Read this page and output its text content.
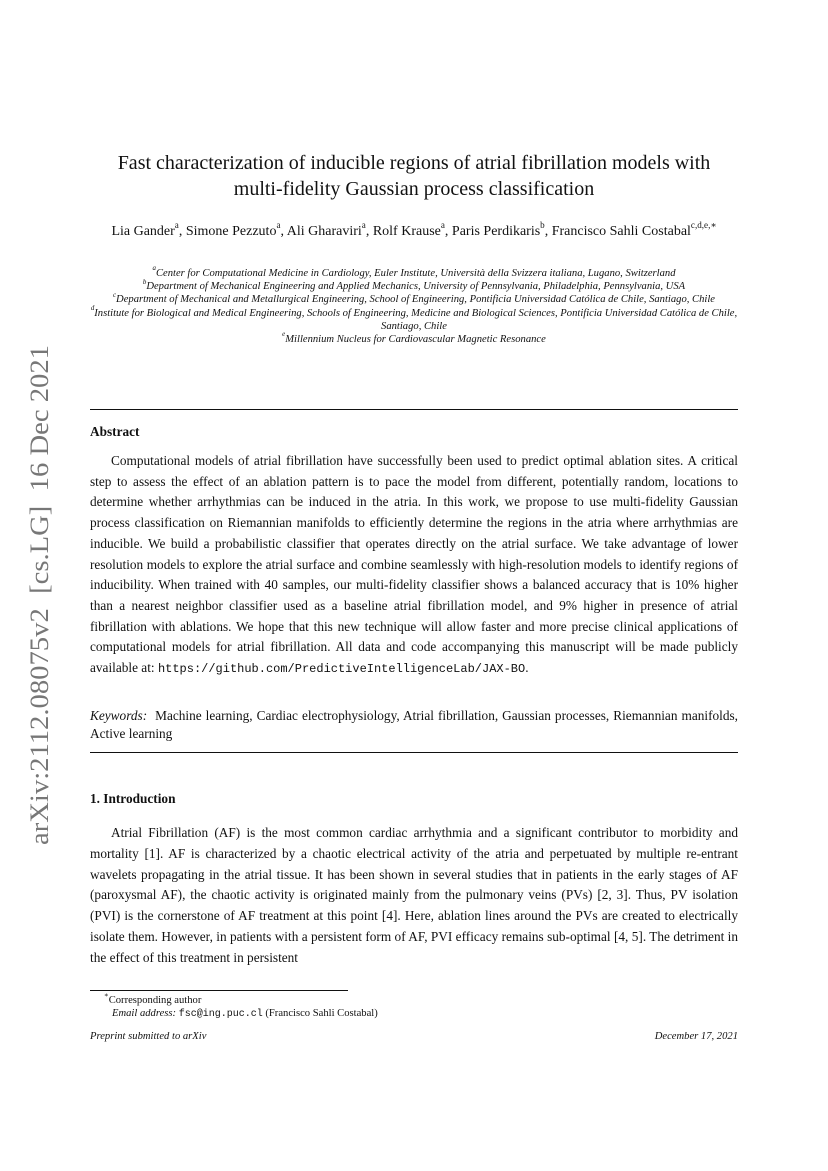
arXiv:2112.08075v2  [cs.LG]  16 Dec 2021
Fast characterization of inducible regions of atrial fibrillation models with
multi-fidelity Gaussian process classification
Lia Gander$^a$, Simone Pezzuto$^a$, Ali Gharaviri$^a$, Rolf Krause$^a$, Paris Perdikaris$^b$, Francisco Sahli Costabal$^{c,d,e,∗}$
$^a$Center for Computational Medicine in Cardiology, Euler Institute, Università della Svizzera italiana, Lugano, Switzerland
$^b$Department of Mechanical Engineering and Applied Mechanics, University of Pennsylvania, Philadelphia, Pennsylvania, USA
$^c$Department of Mechanical and Metallurgical Engineering, School of Engineering, Pontificia Universidad Católica de Chile, Santiago, Chile
$^d$Institute for Biological and Medical Engineering, Schools of Engineering, Medicine and Biological Sciences, Pontificia Universidad Católica de Chile, Santiago, Chile
$^e$Millennium Nucleus for Cardiovascular Magnetic Resonance
Abstract
Computational models of atrial fibrillation have successfully been used to predict optimal ablation sites. A critical step to assess the effect of an ablation pattern is to pace the model from different, potentially random, locations to determine whether arrhythmias can be induced in the atria. In this work, we propose to use multi-fidelity Gaussian process classification on Riemannian manifolds to efficiently determine the regions in the atria where arrhythmias are inducible. We build a probabilistic classifier that operates directly on the atrial surface. We take advantage of lower resolution models to explore the atrial surface and combine seamlessly with high-resolution models to identify regions of inducibility. When trained with 40 samples, our multi-fidelity classifier shows a balanced accuracy that is 10% higher than a nearest neighbor classifier used as a baseline atrial fibrillation model, and 9% higher in presence of atrial fibrillation with ablations. We hope that this new technique will allow faster and more precise clinical applications of computational models for atrial fibrillation. All data and code accompanying this manuscript will be made publicly available at: https://github.com/PredictiveIntelligenceLab/JAX-BO.
Keywords: Machine learning, Cardiac electrophysiology, Atrial fibrillation, Gaussian processes, Riemannian manifolds, Active learning
1. Introduction
Atrial Fibrillation (AF) is the most common cardiac arrhythmia and a significant contributor to morbidity and mortality [1]. AF is characterized by a chaotic electrical activity of the atria and perpetuated by multiple re-entrant wavelets propagating in the atrial tissue. It has been shown in several studies that in patients in the early stages of AF (paroxysmal AF), the chaotic activity is originated mainly from the pulmonary veins (PVs) [2, 3]. Thus, PV isolation (PVI) is the cornerstone of AF treatment at this point [4]. Here, ablation lines around the PVs are created to electrically isolate them. However, in patients with a persistent form of AF, PVI efficacy remains sub-optimal [4, 5]. The detriment in the effect of this treatment in persistent
∗Corresponding author
Email address: fsc@ing.puc.cl (Francisco Sahli Costabal)
Preprint submitted to arXiv	December 17, 2021
